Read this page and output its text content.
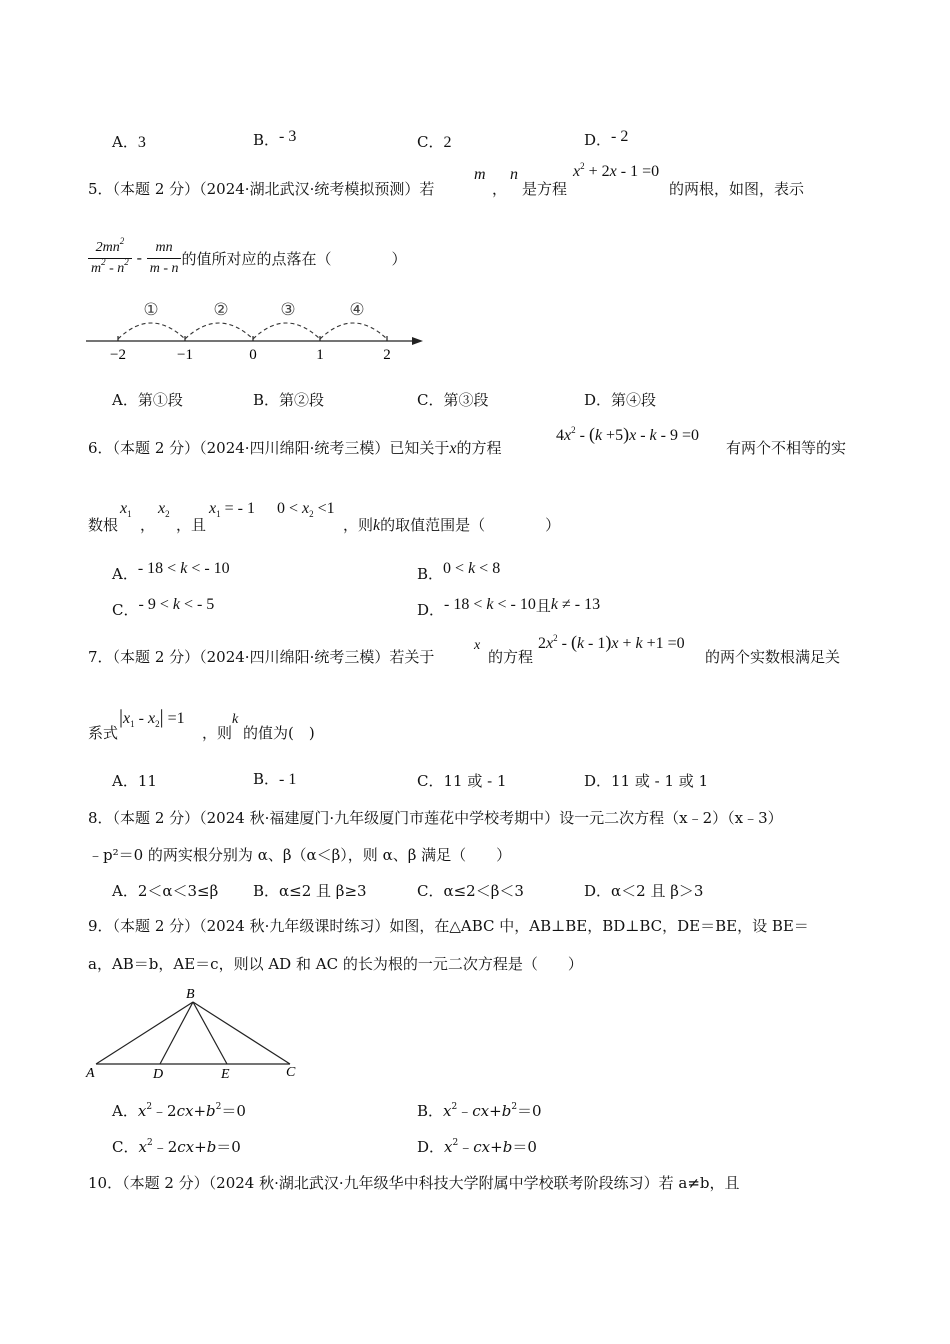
A．3	B．- 3	C．2	D．- 2
5．（本题 2 分）（2024·湖北武汉·统考模拟预测）若
m
，
n
是方程
$x^2 + 2x - 1 =0$
的两根，如图，表示
$\frac{2mn^2}{m^2 - n^2} - \frac{mn}{m - n}$ 的值所对应的点落在（　　　　）
①	②	③	④
−2	−1	0	1	2
A．第①段	B．第②段	C．第③段	D．第④段
6．（本题 2 分）（2024·四川绵阳·统考三模）已知关于x的方程
$4x^2 - (k +5)x - k - 9 =0$
有两个不相等的实
数根
$x_1$
，
$x_2$
，且
$x_1$ = - 1 $0 < x_2 <1$
，则k的取值范围是（　　　　）
A．- 18 < k < - 10	B．0 < k < 8
C．- 9 < k < - 5	D．- 18 < k < - 10且k ≠ - 13
7．（本题 2 分）（2024·四川绵阳·统考三模）若关于
x
的方程
$2x^2 - (k - 1)x + k +1 =0$
的两个实数根满足关
系式
$|x_1 - x_2| =1$
，则
k
的值为(　)
A．11	B．- 1	C．11 或 - 1	D．11 或 - 1 或 1
8．（本题 2 分）（2024 秋·福建厦门·九年级厦门市莲花中学校考期中）设一元二次方程（x﹣2）（x﹣3）
﹣p²＝0 的两实根分别为 α、β（α＜β），则 α、β 满足（　　）
A．2＜α＜3≤β B．α≤2 且 β≥3	C．α≤2＜β＜3	D．α＜2 且 β＞3
9．（本题 2 分）（2024 秋·九年级课时练习）如图，在△ABC 中，AB⊥BE，BD⊥BC，DE＝BE，设 BE＝
a，AB＝b，AE＝c，则以 AD 和 AC 的长为根的一元二次方程是（　　）
B
A	D	E	C
A．$x^2﹣2cx+b^2=0$	B．$x^2﹣cx+b^2=0$
C．$x^2﹣2cx+b=0$	D．$x^2﹣cx+b=0$
10．（本题 2 分）（2024 秋·湖北武汉·九年级华中科技大学附属中学校联考阶段练习）若 a≠b，且
